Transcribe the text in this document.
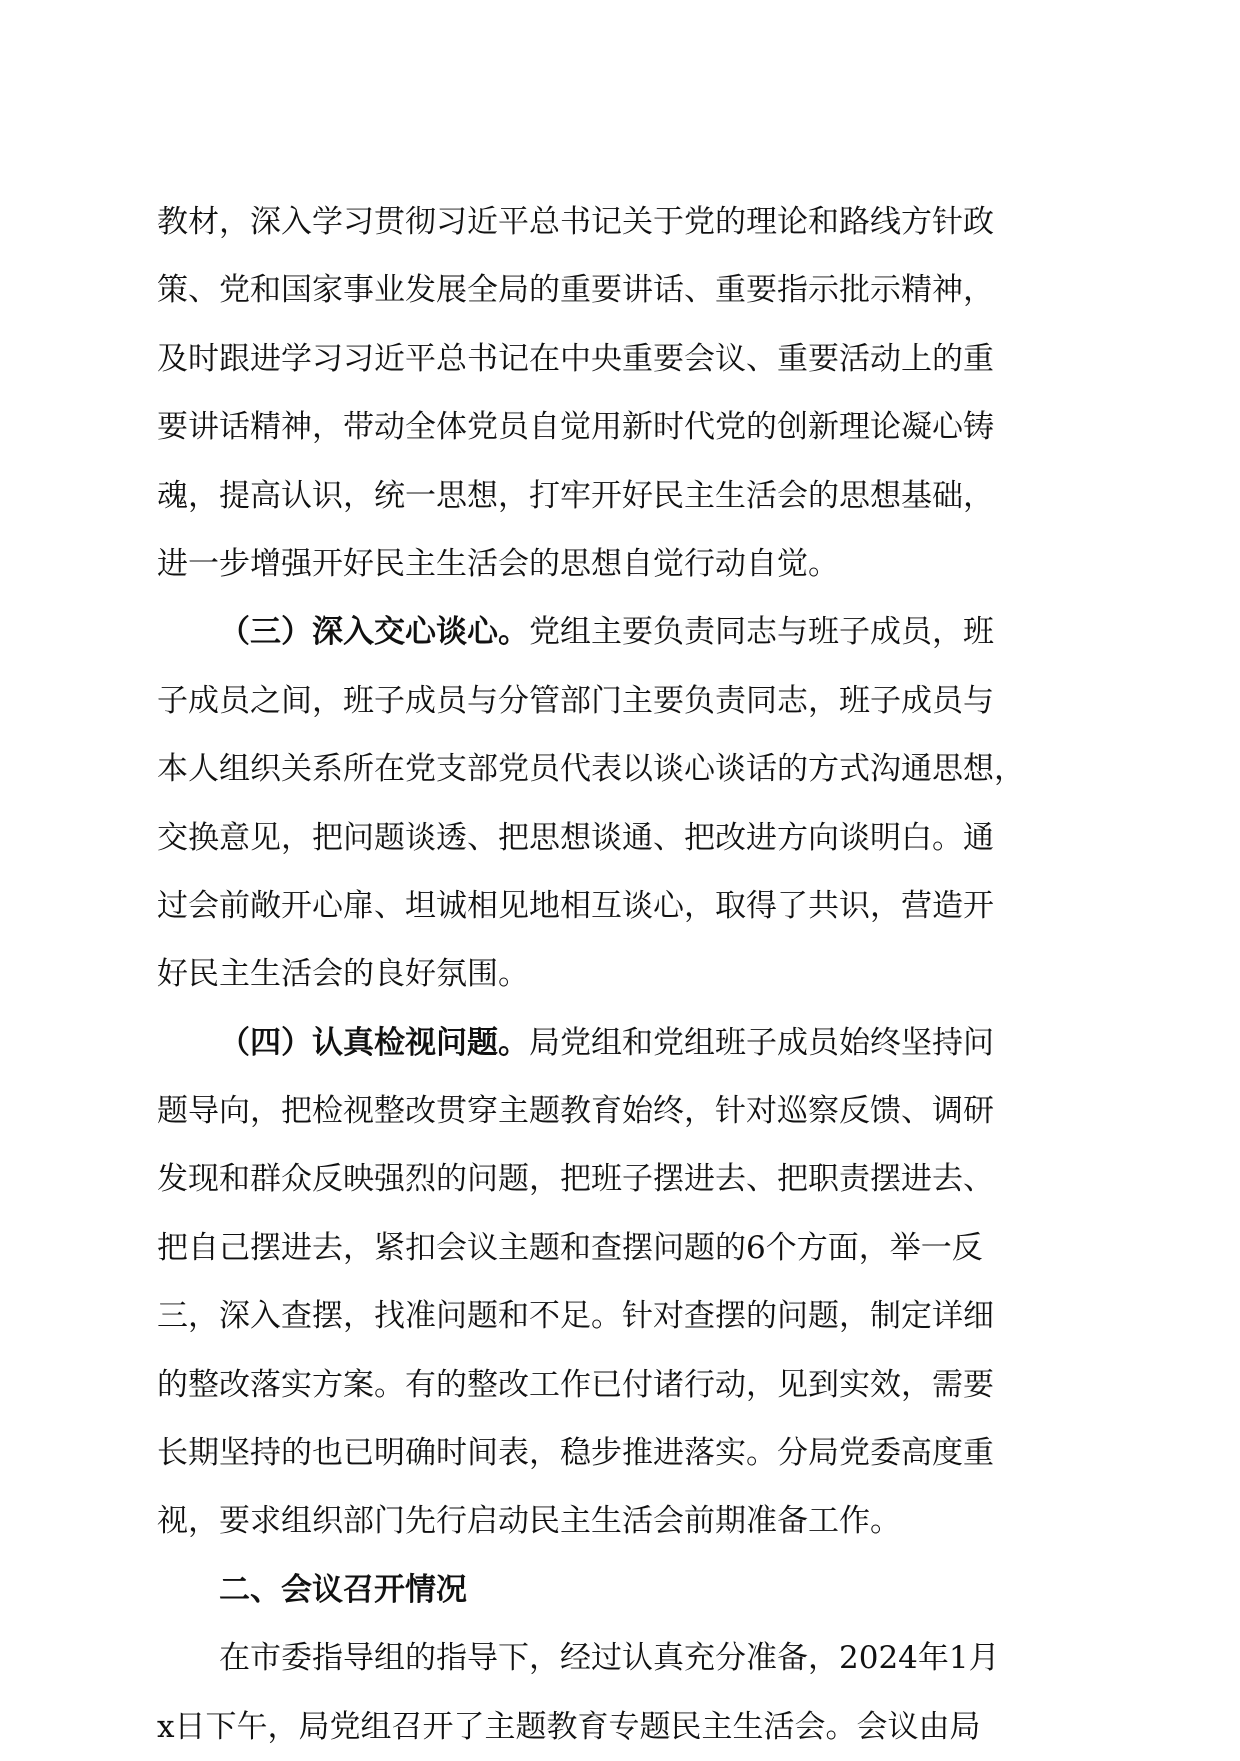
教材，深入学习贯彻习近平总书记关于党的理论和路线方针政
策、党和国家事业发展全局的重要讲话、重要指示批示精神，
及时跟进学习习近平总书记在中央重要会议、重要活动上的重
要讲话精神，带动全体党员自觉用新时代党的创新理论凝心铸
魂，提高认识，统一思想，打牢开好民主生活会的思想基础，
进一步增强开好民主生活会的思想自觉行动自觉。
（三）深入交心谈心。党组主要负责同志与班子成员，班
子成员之间，班子成员与分管部门主要负责同志，班子成员与
本人组织关系所在党支部党员代表以谈心谈话的方式沟通思想，
交换意见，把问题谈透、把思想谈通、把改进方向谈明白。通
过会前敞开心扉、坦诚相见地相互谈心，取得了共识，营造开
好民主生活会的良好氛围。
（四）认真检视问题。局党组和党组班子成员始终坚持问
题导向，把检视整改贯穿主题教育始终，针对巡察反馈、调研
发现和群众反映强烈的问题，把班子摆进去、把职责摆进去、
把自己摆进去，紧扣会议主题和查摆问题的6个方面，举一反
三，深入查摆，找准问题和不足。针对查摆的问题，制定详细
的整改落实方案。有的整改工作已付诸行动，见到实效，需要
长期坚持的也已明确时间表，稳步推进落实。分局党委高度重
视，要求组织部门先行启动民主生活会前期准备工作。
二、会议召开情况
在市委指导组的指导下，经过认真充分准备，2024年1月
x日下午，局党组召开了主题教育专题民主生活会。会议由局
